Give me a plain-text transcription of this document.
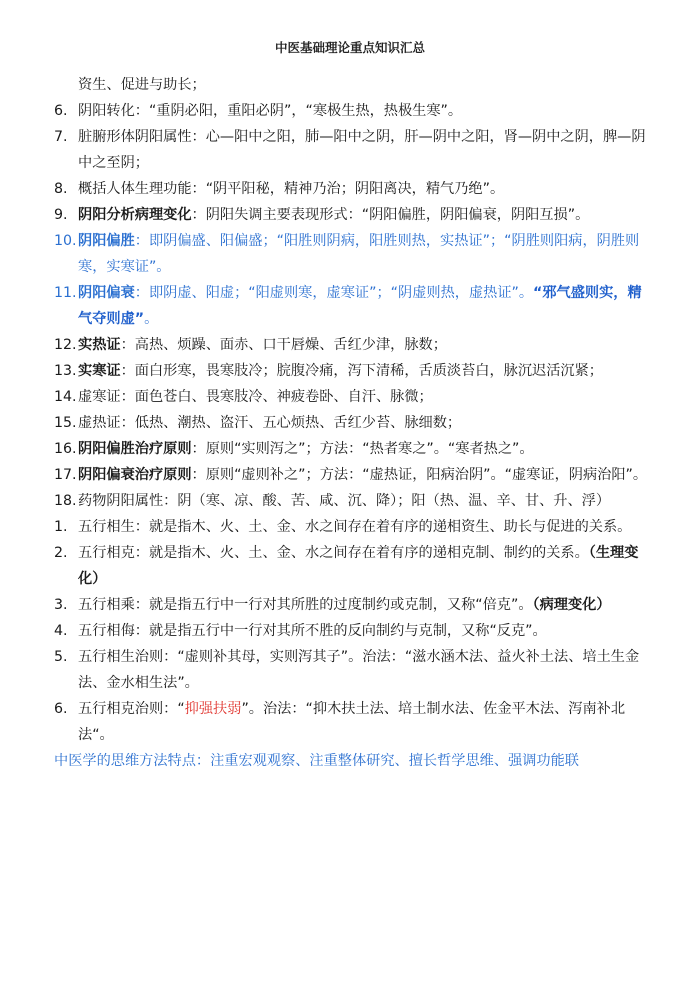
中医基础理论重点知识汇总
资生、促进与助长；
6. 阴阳转化：“重阴必阳，重阳必阴”，“寒极生热，热极生寒”。
7. 脏腑形体阴阳属性：心—阳中之阳，肺—阳中之阴，肝—阴中之阳，肾—阴中之阴，脾—阴中之至阴；
8. 概括人体生理功能：“阴平阳秘，精神乃治；阴阳离决，精气乃绝”。
9. 阴阳分析病理变化：阴阳失调主要表现形式：“阴阳偏胜，阴阳偏衰，阴阳互损”。
10. 阴阳偏胜：即阴偏盛、阳偏盛；“阳胜则阴病，阳胜则热，实热证”；“阴胜则阳病，阴胜则寒，实寒证”。
11. 阴阳偏衰：即阴虚、阳虚；“阳虚则寒，虚寒证”；“阴虚则热，虚热证”。“邪气盛则实，精气夺则虚”。
12. 实热证：高热、烦躁、面赤、口干唇燥、舌红少津，脉数；
13. 实寒证：面白形寒，畏寒肢冷；脘腹冷痛，泻下清稀，舌质淡苔白，脉沉迟活沉紧；
14. 虚寒证：面色苍白、畏寒肢冷、神疲卷卧、自汗、脉微；
15. 虚热证：低热、潮热、盗汗、五心烦热、舌红少苔、脉细数；
16. 阴阳偏胜治疗原则：原则“实则泻之”；方法：“热者寒之”。“寒者热之”。
17. 阴阳偏衰治疗原则：原则“虚则补之”；方法：“虚热证，阳病治阴”。“虚寒证，阴病治阳”。
18. 药物阴阳属性：阴（寒、凉、酸、苦、咸、沉、降）；阳（热、温、辛、甘、升、浮）
1. 五行相生：就是指木、火、土、金、水之间存在着有序的递相资生、助长与促进的关系。
2. 五行相克：就是指木、火、土、金、水之间存在着有序的递相克制、制约的关系。（生理变化）
3. 五行相乘：就是指五行中一行对其所胜的过度制约或克制，又称“倍克”。（病理变化）
4. 五行相侮：就是指五行中一行对其所不胜的反向制约与克制，又称“反克”。
5. 五行相生治则：“虚则补其母，实则泻其子”。治法：“滋水涵木法、益火补土法、培土生金法、金水相生法”。
6. 五行相克治则：“抑强扶弱”。治法：“抑木扶土法、培土制水法、佐金平木法、泻南补北法“。
中医学的思维方法特点：注重宏观观察、注重整体研究、擅长哲学思维、强调功能联
